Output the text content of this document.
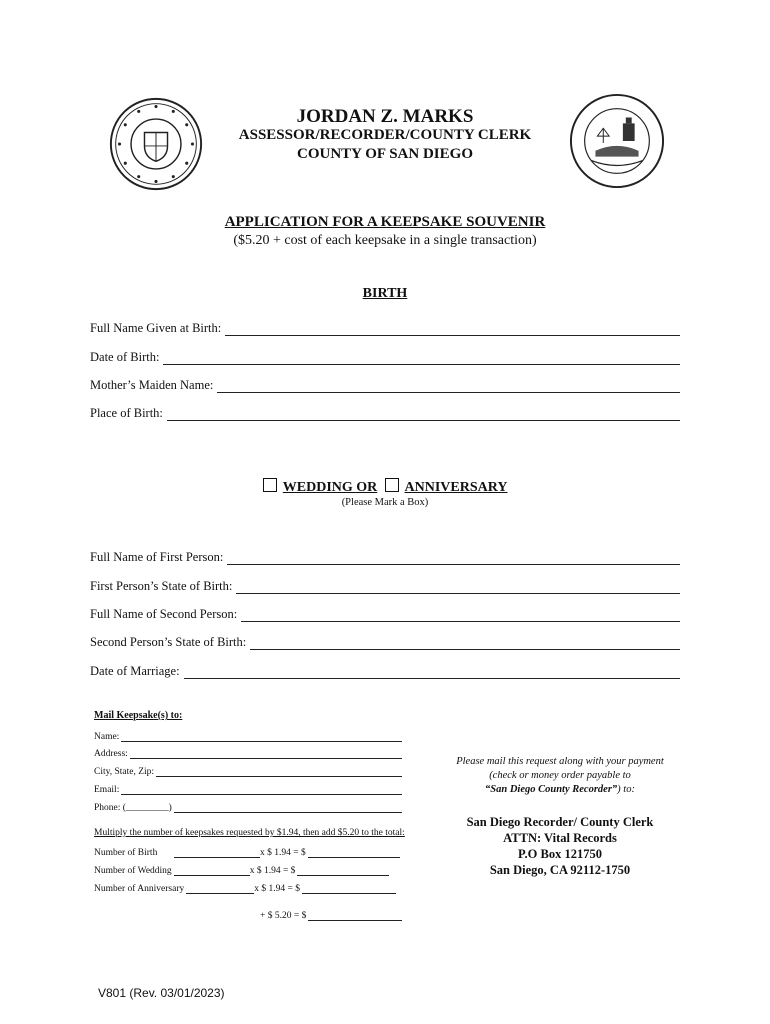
JORDAN Z. MARKS
ASSESSOR/RECORDER/COUNTY CLERK
COUNTY OF SAN DIEGO
APPLICATION FOR A KEEPSAKE SOUVENIR
($5.20 + cost of each keepsake in a single transaction)
BIRTH
Full Name Given at Birth:
Date of Birth:
Mother’s Maiden Name:
Place of Birth:
WEDDING OR ANNIVERSARY
(Please Mark a Box)
Full Name of First Person:
First Person’s State of Birth:
Full Name of Second Person:
Second Person’s State of Birth:
Date of Marriage:
Mail Keepsake(s) to:
Name:
Address:
City, State, Zip:
Email:
Phone: (_________)
Multiply the number of keepsakes requested by $1.94, then add $5.20 to the total:
Number of Birth	x $ 1.94 = $
Number of Wedding	x $ 1.94 = $
Number of Anniversary	x $ 1.94 = $
+ $ 5.20 = $
Please mail this request along with your payment
(check or money order payable to
“San Diego County Recorder”) to:
San Diego Recorder/ County Clerk
ATTN: Vital Records
P.O Box 121750
San Diego, CA 92112-1750
V801 (Rev. 03/01/2023)
